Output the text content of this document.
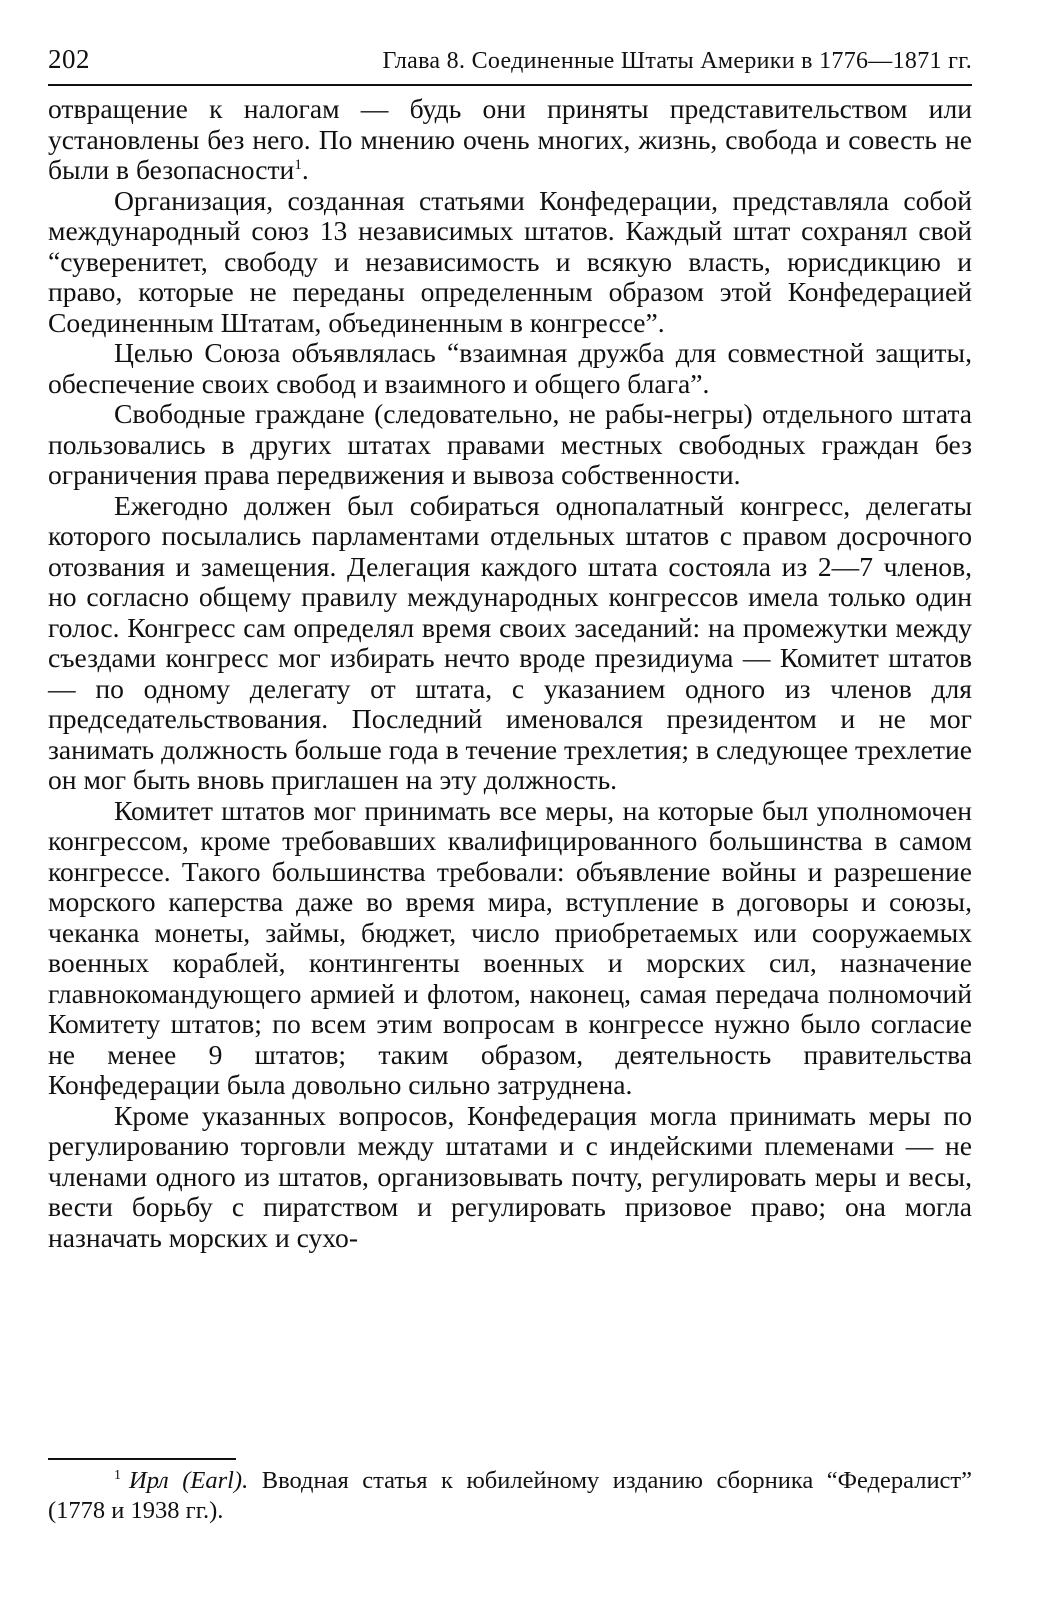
202	Глава 8. Соединенные Штаты Америки в 1776—1871 гг.

отвращение к налогам — будь они приняты представительством или установлены без него. По мнению очень многих, жизнь, свобода и совесть не были в безопасности$^1$.

Организация, созданная статьями Конфедерации, представляла собой международный союз 13 независимых штатов. Каждый штат сохранял свой “суверенитет, свободу и независимость и всякую власть, юрисдикцию и право, которые не переданы определенным образом этой Конфедерацией Соединенным Штатам, объединенным в конгрессе”.

Целью Союза объявлялась “взаимная дружба для совместной защиты, обеспечение своих свобод и взаимного и общего блага”.

Свободные граждане (следовательно, не рабы-негры) отдельного штата пользовались в других штатах правами местных свободных граждан без ограничения права передвижения и вывоза собственности.

Ежегодно должен был собираться однопалатный конгресс, делегаты которого посылались парламентами отдельных штатов с правом досрочного отозвания и замещения. Делегация каждого штата состояла из 2—7 членов, но согласно общему правилу международных конгрессов имела только один голос. Конгресс сам определял время своих заседаний: на промежутки между съездами конгресс мог избирать нечто вроде президиума — Комитет штатов — по одному делегату от штата, с указанием одного из членов для председательствования. Последний именовался президентом и не мог занимать должность больше года в течение трехлетия; в следующее трехлетие он мог быть вновь приглашен на эту должность.

Комитет штатов мог принимать все меры, на которые был уполномочен конгрессом, кроме требовавших квалифицированного большинства в самом конгрессе. Такого большинства требовали: объявление войны и разрешение морского каперства даже во время мира, вступление в договоры и союзы, чеканка монеты, займы, бюджет, число приобретаемых или сооружаемых военных кораблей, контингенты военных и морских сил, назначение главнокомандующего армией и флотом, наконец, самая передача полномочий Комитету штатов; по всем этим вопросам в конгрессе нужно было согласие не менее 9 штатов; таким образом, деятельность правительства Конфедерации была довольно сильно затруднена.

Кроме указанных вопросов, Конфедерация могла принимать меры по регулированию торговли между штатами и с индейскими племенами — не членами одного из штатов, организовывать почту, регулировать меры и весы, вести борьбу с пиратством и регулировать призовое право; она могла назначать морских и сухо-

$^1$ Ирл (Earl). Вводная статья к юбилейному изданию сборника “Федералист” (1778 и 1938 гг.).
